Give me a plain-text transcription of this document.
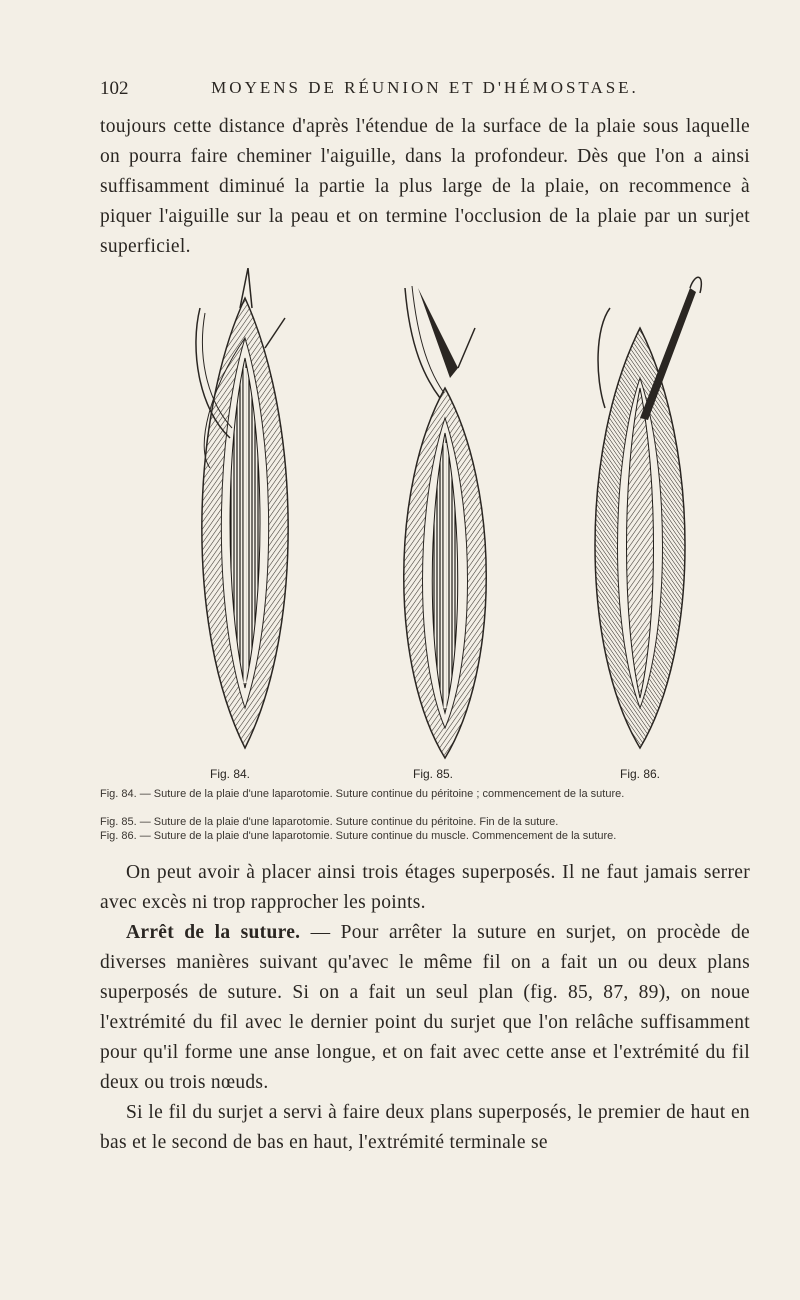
102	MOYENS DE RÉUNION ET D'HÉMOSTASE.

toujours cette distance d'après l'étendue de la surface de la plaie sous laquelle on pourra faire cheminer l'aiguille, dans la profondeur. Dès que l'on a ainsi suffisamment diminué la partie la plus large de la plaie, on recommence à piquer l'aiguille sur la peau et on termine l'occlusion de la plaie par un surjet superficiel.

Fig. 84.	Fig. 85.	Fig. 86.
Fig. 84. — Suture de la plaie d'une laparotomie. Suture continue du péritoine ; commencement de la suture.
Fig. 85. — Suture de la plaie d'une laparotomie. Suture continue du péritoine. Fin de la suture.
Fig. 86. — Suture de la plaie d'une laparotomie. Suture continue du muscle. Commencement de la suture.

On peut avoir à placer ainsi trois étages superposés. Il ne faut jamais serrer avec excès ni trop rapprocher les points.

Arrêt de la suture. — Pour arrêter la suture en surjet, on procède de diverses manières suivant qu'avec le même fil on a fait un ou deux plans superposés de suture. Si on a fait un seul plan (fig. 85, 87, 89), on noue l'extrémité du fil avec le dernier point du surjet que l'on relâche suffisamment pour qu'il forme une anse longue, et on fait avec cette anse et l'extrémité du fil deux ou trois nœuds.

Si le fil du surjet a servi à faire deux plans superposés, le premier de haut en bas et le second de bas en haut, l'extrémité terminale se
